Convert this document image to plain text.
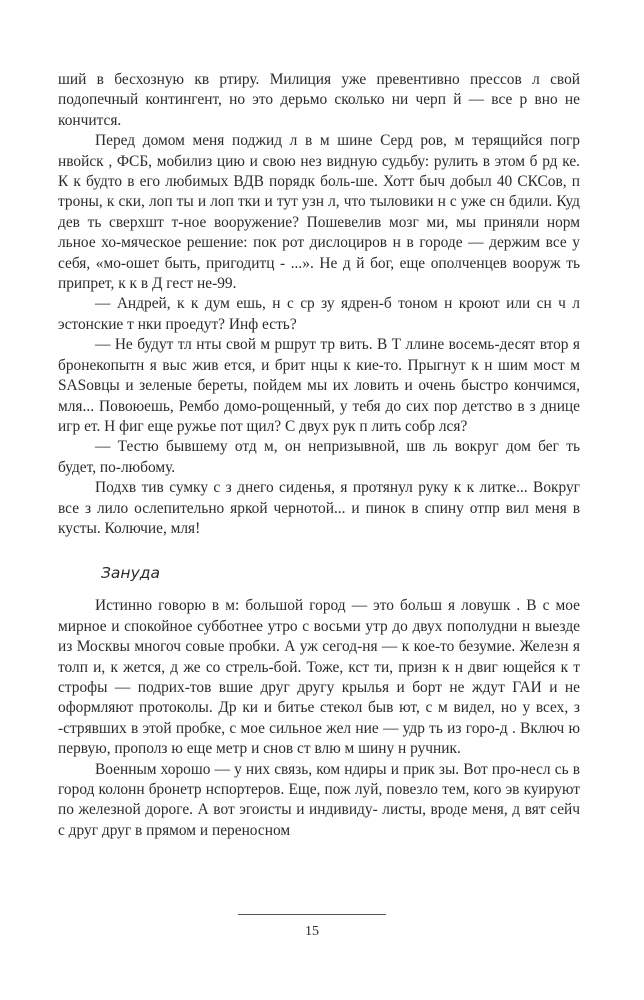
ший в бесхозную кв ртиру. Милиция уже превентивно прессов л свой подопечный контингент, но это дерьмо сколько ни черп й — все р вно не кончится.

Перед домом меня поджид л в м шине Серд ров, м терящийся погр нвойск , ФСБ, мобилиз цию и свою нез видную судьбу: рулить в этом б рд ке. К к будто в его любимых ВДВ порядк боль-ше. Хотт быч добыл 40 СКСов, п троны, к ски, лоп ты и лоп тки и тут узн л, что тыловики н с уже сн бдили. Куд дев ть сверхшт т-ное вооружение? Пошевелив мозг ми, мы приняли норм льное хо-мяческое решение: пок рот дислоциров н в городе — держим все у себя, «мо-ошет быть, пригодитц - ...». Не д й бог, еще ополченцев вооруж ть припрет, к к в Д гест не-99.

— Андрей, к к дум ешь, н с ср зу ядрен-б тоном н кроют или сн ч л эстонские т нки проедут? Инф есть?

— Не будут тл нты свой м ршрут тр вить. В Т ллине восемь-десят втор я бронекопытн я выс жив ется, и брит нцы к кие-то. Прыгнут к н шим мост м SASовцы и зеленые береты, пойдем мы их ловить и очень быстро кончимся, мля... Повоюешь, Рембо домо-рощенный, у тебя до сих пор детство в з днице игр ет. Н фиг еще ружье пот щил? С двух рук п лить собр лся?

— Тестю бывшему отд м, он непризывной, шв ль вокруг дом бег ть будет, по-любому.

Подхв тив сумку с з днего сиденья, я протянул руку к к литке... Вокруг все з лило ослепительно яркой чернотой... и пинок в спину отпр вил меня в кусты. Колючие, мля!

Зануда

Истинно говорю в м: большой город — это больш я ловушк . В с мое мирное и спокойное субботнее утро с восьми утр до двух пополудни н выезде из Москвы многоч совые пробки. А уж сегод-ня — к кое-то безумие. Железн я толп и, к жется, д же со стрель-бой. Тоже, кст ти, призн к н двиг ющейся к т строфы — подрих-тов вшие друг другу крылья и борт не ждут ГАИ и не оформляют протоколы. Др ки и битье стекол быв ют, с м видел, но у всех, з -стрявших в этой пробке, с мое сильное жел ние — удр ть из горо-д . Включ ю первую, прополз ю еще метр и снов ст влю м шину н ручник.

Военным хорошо — у них связь, ком ндиры и прик зы. Вот про-несл сь в город колонн бронетр нспортеров. Еще, пож луй, повезло тем, кого эв куируют по железной дороге. А вот эгоисты и индивиду- листы, вроде меня, д вят сейч с друг друг в прямом и переносном

15
